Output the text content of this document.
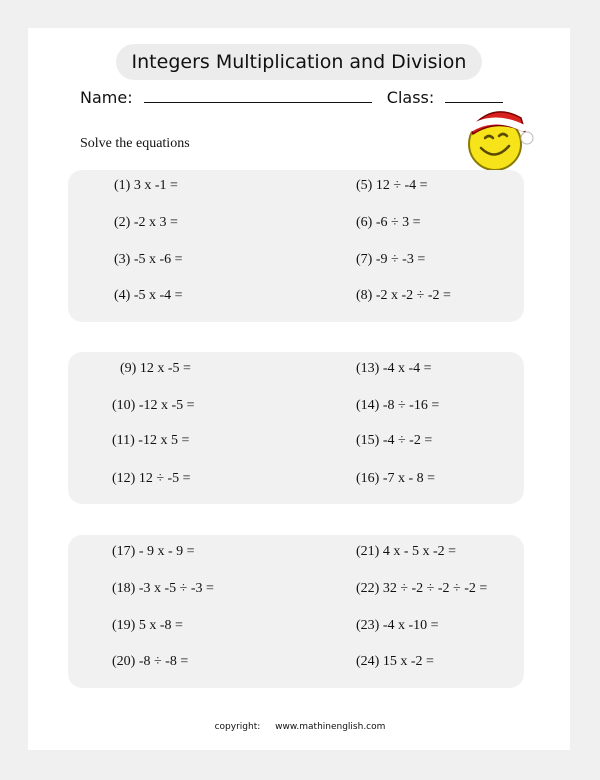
Integers Multiplication and Division
Name:	Class:
Solve the equations
(1) 3 x -1 =
(2) -2 x 3 =
(3) -5 x -6 =
(4) -5 x -4 =
(5) 12 ÷ -4 =
(6) -6 ÷ 3 =
(7) -9 ÷ -3 =
(8) -2 x -2 ÷ -2 =
(9) 12 x -5 =
(10) -12 x -5 =
(11) -12 x 5 =
(12) 12 ÷ -5 =
(13) -4 x -4 =
(14) -8 ÷ -16 =
(15) -4 ÷ -2 =
(16) -7 x - 8 =
(17) - 9 x - 9 =
(18) -3 x -5 ÷ -3 =
(19) 5 x -8 =
(20) -8 ÷ -8 =
(21) 4 x - 5 x -2 =
(22) 32 ÷ -2 ÷ -2 ÷ -2 =
(23) -4 x -10 =
(24) 15 x -2 =
copyright: www.mathinenglish.com
